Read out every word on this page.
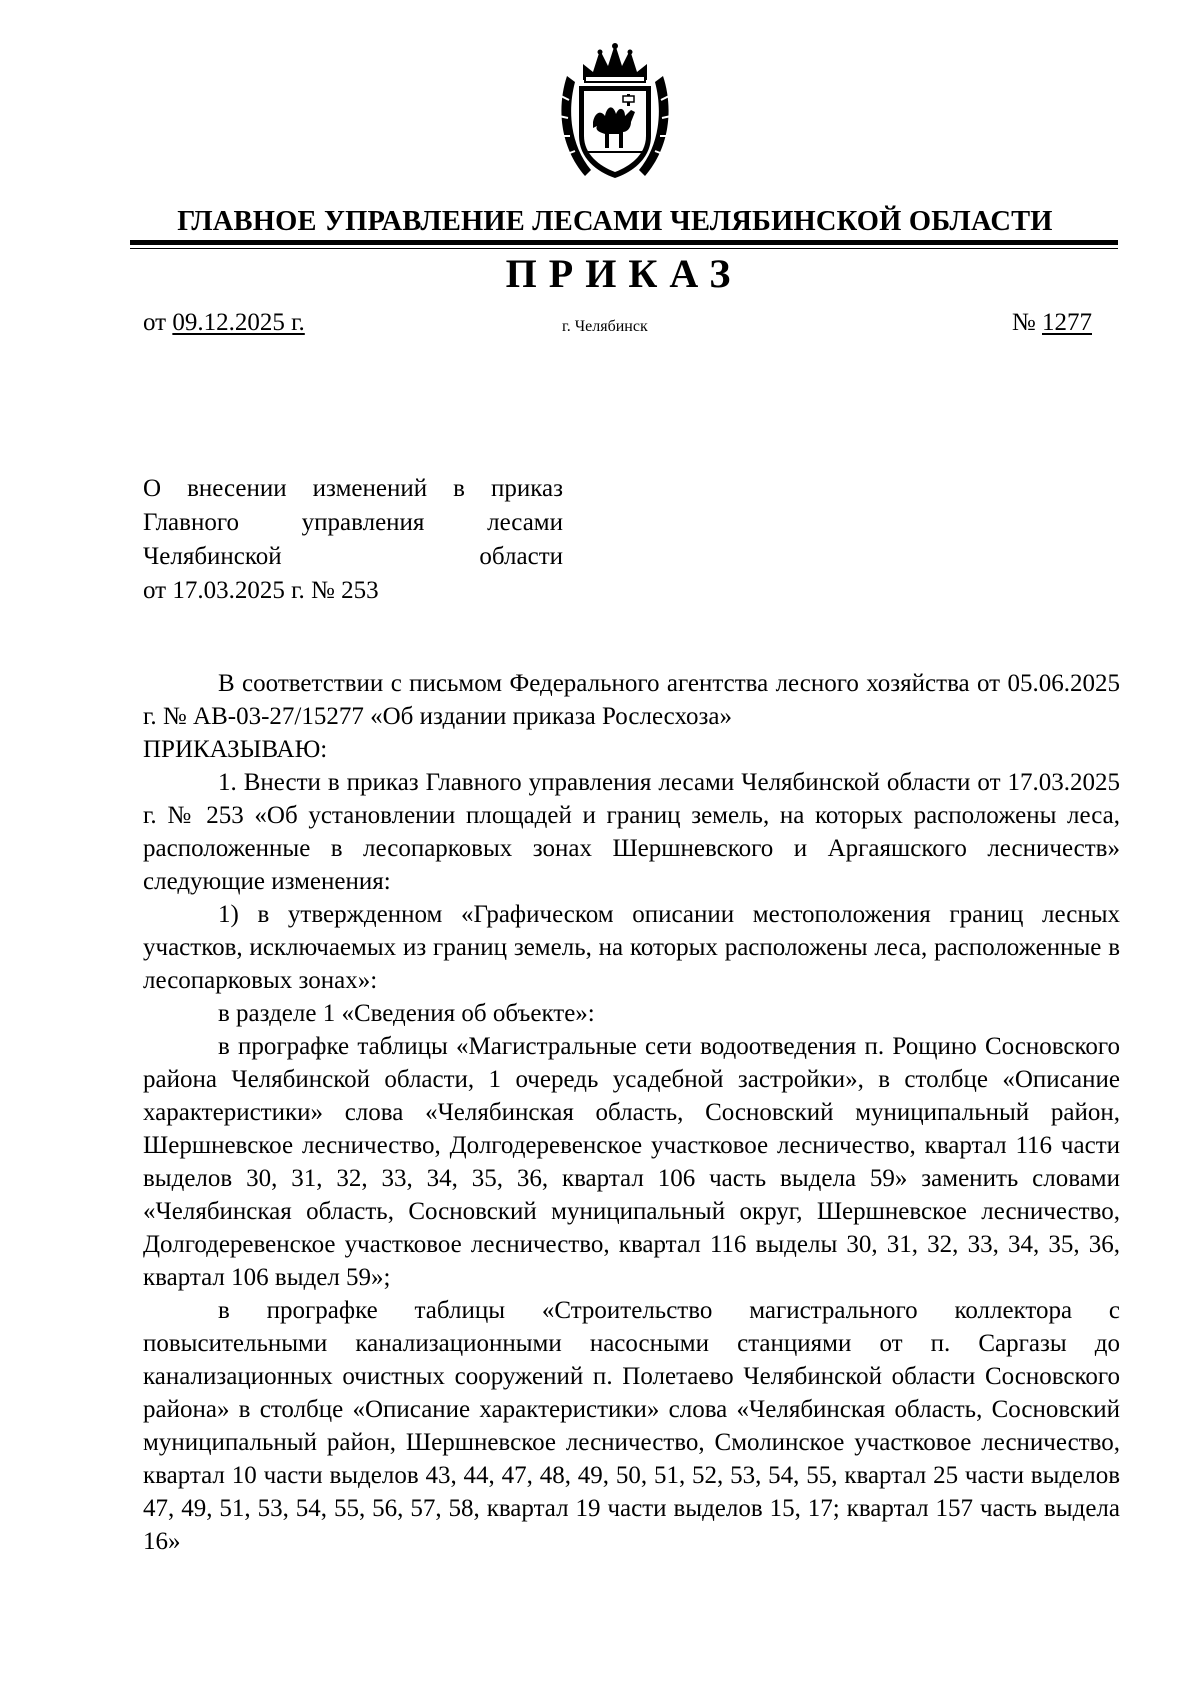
ГЛАВНОЕ УПРАВЛЕНИЕ ЛЕСАМИ ЧЕЛЯБИНСКОЙ ОБЛАСТИ
ПРИКАЗ
от 09.12.2025 г.	г. Челябинск	№ 1277
О внесении изменений в приказ
Главного управления лесами
Челябинской области
от 17.03.2025 г. № 253

В соответствии с письмом Федерального агентства лесного хозяйства от 05.06.2025 г. № АВ-03-27/15277 «Об издании приказа Рослесхоза»

ПРИКАЗЫВАЮ:

1. Внести в приказ Главного управления лесами Челябинской области от 17.03.2025 г. № 253 «Об установлении площадей и границ земель, на которых расположены леса, расположенные в лесопарковых зонах Шершневского и Аргаяшского лесничеств» следующие изменения:

1) в утвержденном «Графическом описании местоположения границ лесных участков, исключаемых из границ земель, на которых расположены леса, расположенные в лесопарковых зонах»:

в разделе 1 «Сведения об объекте»:

в прографке таблицы «Магистральные сети водоотведения п. Рощино Сосновского района Челябинской области, 1 очередь усадебной застройки», в столбце «Описание характеристики» слова «Челябинская область, Сосновский муниципальный район, Шершневское лесничество, Долгодеревенское участковое лесничество, квартал 116 части выделов 30, 31, 32, 33, 34, 35, 36, квартал 106 часть выдела 59» заменить словами «Челябинская область, Сосновский муниципальный округ, Шершневское лесничество, Долгодеревенское участковое лесничество, квартал 116 выделы 30, 31, 32, 33, 34, 35, 36, квартал 106 выдел 59»;

в прографке таблицы «Строительство магистрального коллектора с повысительными канализационными насосными станциями от п. Саргазы до канализационных очистных сооружений п. Полетаево Челябинской области Сосновского района» в столбце «Описание характеристики» слова «Челябинская область, Сосновский муниципальный район, Шершневское лесничество, Смолинское участковое лесничество, квартал 10 части выделов 43, 44, 47, 48, 49, 50, 51, 52, 53, 54, 55, квартал 25 части выделов 47, 49, 51, 53, 54, 55, 56, 57, 58, квартал 19 части выделов 15, 17; квартал 157 часть выдела 16»
